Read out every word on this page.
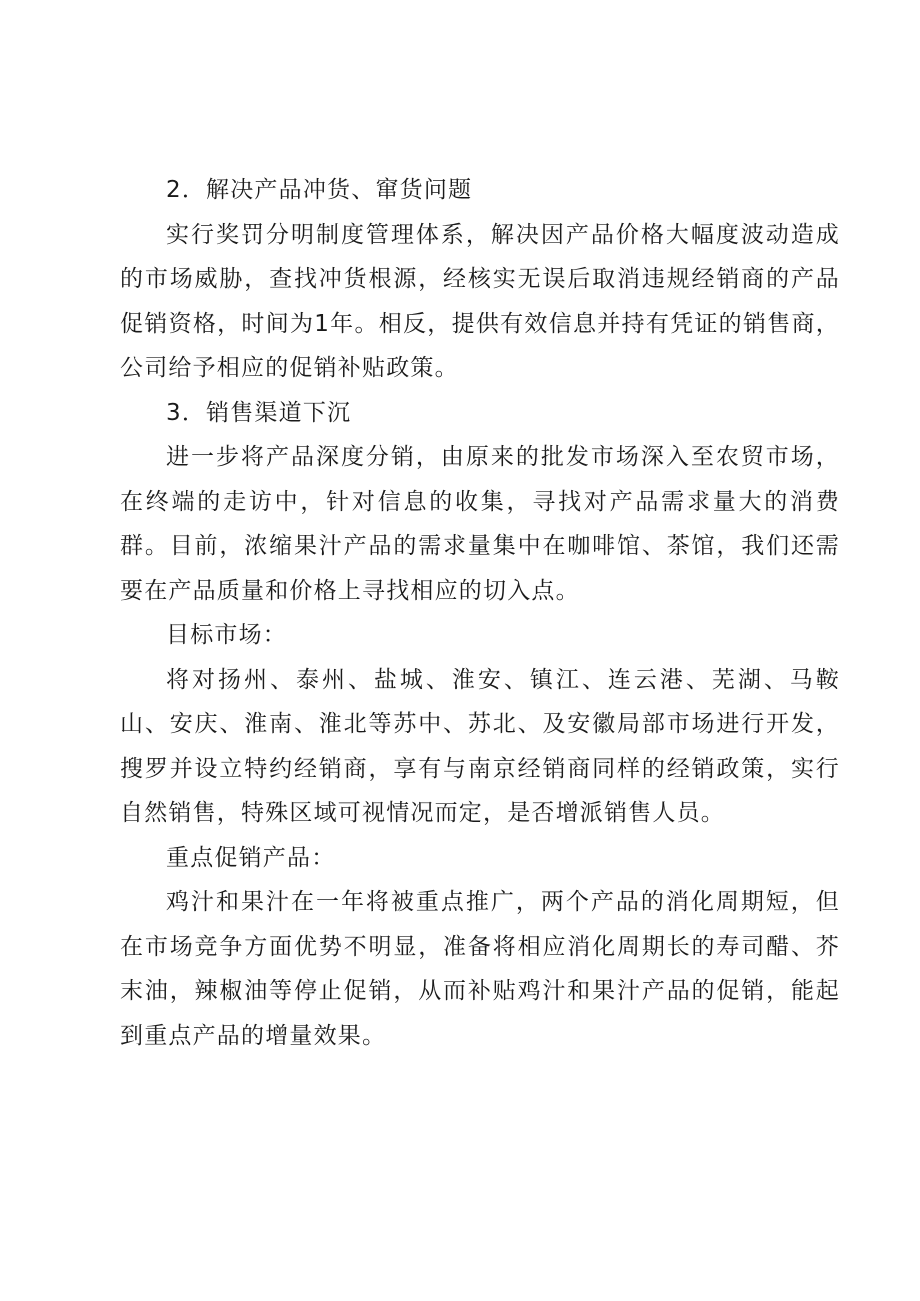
2．解决产品冲货、窜货问题

实行奖罚分明制度管理体系，解决因产品价格大幅度波动造成的市场威胁，查找冲货根源，经核实无误后取消违规经销商的产品促销资格，时间为1年。相反，提供有效信息并持有凭证的销售商，公司给予相应的促销补贴政策。

3．销售渠道下沉

进一步将产品深度分销，由原来的批发市场深入至农贸市场，在终端的走访中，针对信息的收集，寻找对产品需求量大的消费群。目前，浓缩果汁产品的需求量集中在咖啡馆、茶馆，我们还需要在产品质量和价格上寻找相应的切入点。

目标市场：

将对扬州、泰州、盐城、淮安、镇江、连云港、芜湖、马鞍山、安庆、淮南、淮北等苏中、苏北、及安徽局部市场进行开发，搜罗并设立特约经销商，享有与南京经销商同样的经销政策，实行自然销售，特殊区域可视情况而定，是否增派销售人员。

重点促销产品：

鸡汁和果汁在一年将被重点推广，两个产品的消化周期短，但在市场竞争方面优势不明显，准备将相应消化周期长的寿司醋、芥末油，辣椒油等停止促销，从而补贴鸡汁和果汁产品的促销，能起到重点产品的增量效果。
